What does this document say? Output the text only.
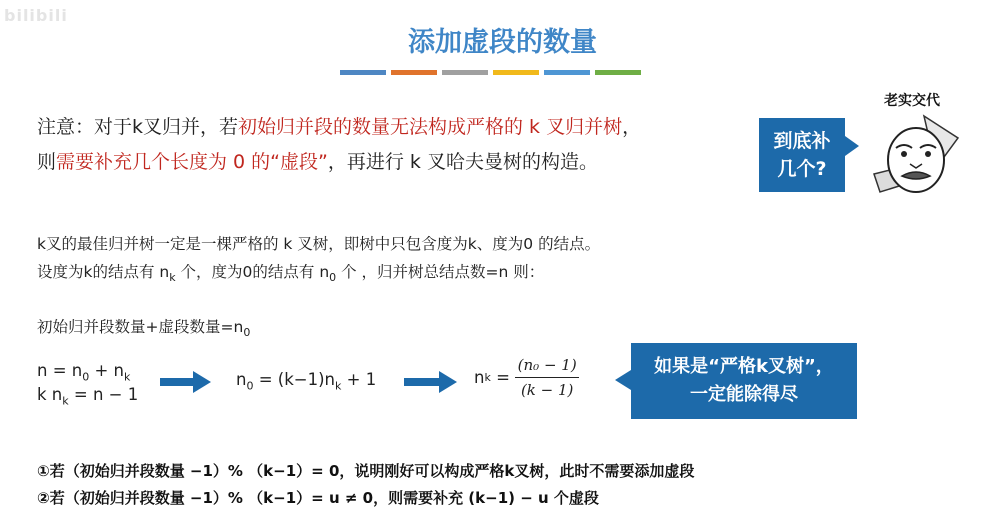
bilibili
添加虚段的数量
注意：对于k叉归并，若初始归并段的数量无法构成严格的 k 叉归并树，
则需要补充几个长度为 0 的“虚段”，再进行 k 叉哈夫曼树的构造。
到底补
几个?
老实交代
k叉的最佳归并树一定是一棵严格的 k 叉树，即树中只包含度为k、度为0 的结点。
设度为k的结点有 $n_k$ 个，度为0的结点有 $n_0$ 个 ，归并树总结点数=n 则：
初始归并段数量+虚段数量$=n_0$
$n = n_0 + n_k$
k $n_k = n - 1$
$n_0 = (k-1)n_k + 1$	n $k = \frac{\text{(n₀ − 1)}}{(k - 1)}$	如果是“严格k叉树”，
一定能除得尽
①若（初始归并段数量 −1）% （k−1）= 0，说明刚好可以构成严格k叉树，此时不需要添加虚段
②若（初始归并段数量 −1）% （k−1）= u ≠ 0，则需要补充 (k−1) − u 个虚段
